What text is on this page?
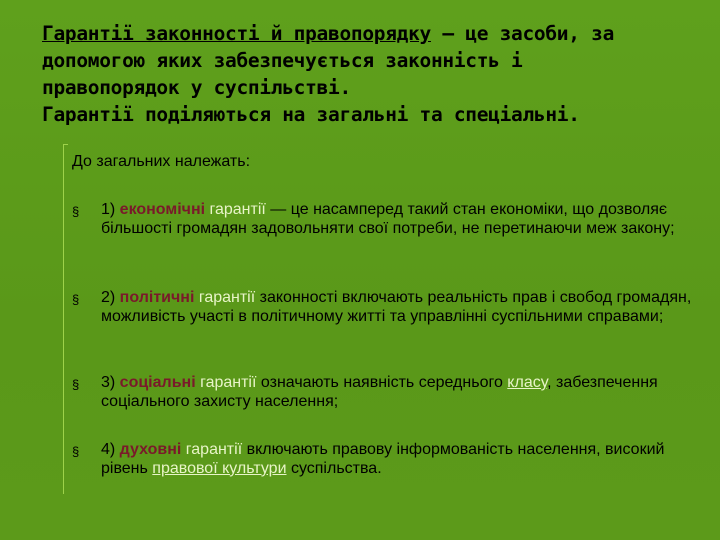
Гарантії законності й правопорядку — це засоби, за
допомогою яких забезпечується законність і
правопорядок у суспільстві.
Гарантії поділяються на загальні та спеціальні.
До загальних належать:
§ 1) економічні гарантії — це насамперед такий стан економіки, що дозволяє більшості громадян задовольняти свої потреби, не перетинаючи меж закону;
§ 2) політичні гарантії законності включають реальність прав і свобод громадян, можливість участі в політичному житті та управлінні суспільними справами;
§ 3) соціальні гарантії означають наявність середнього класу, забезпечення соціального захисту населення;
§ 4) духовні гарантії включають правову інформованість населення, високий рівень правової культури суспільства.
